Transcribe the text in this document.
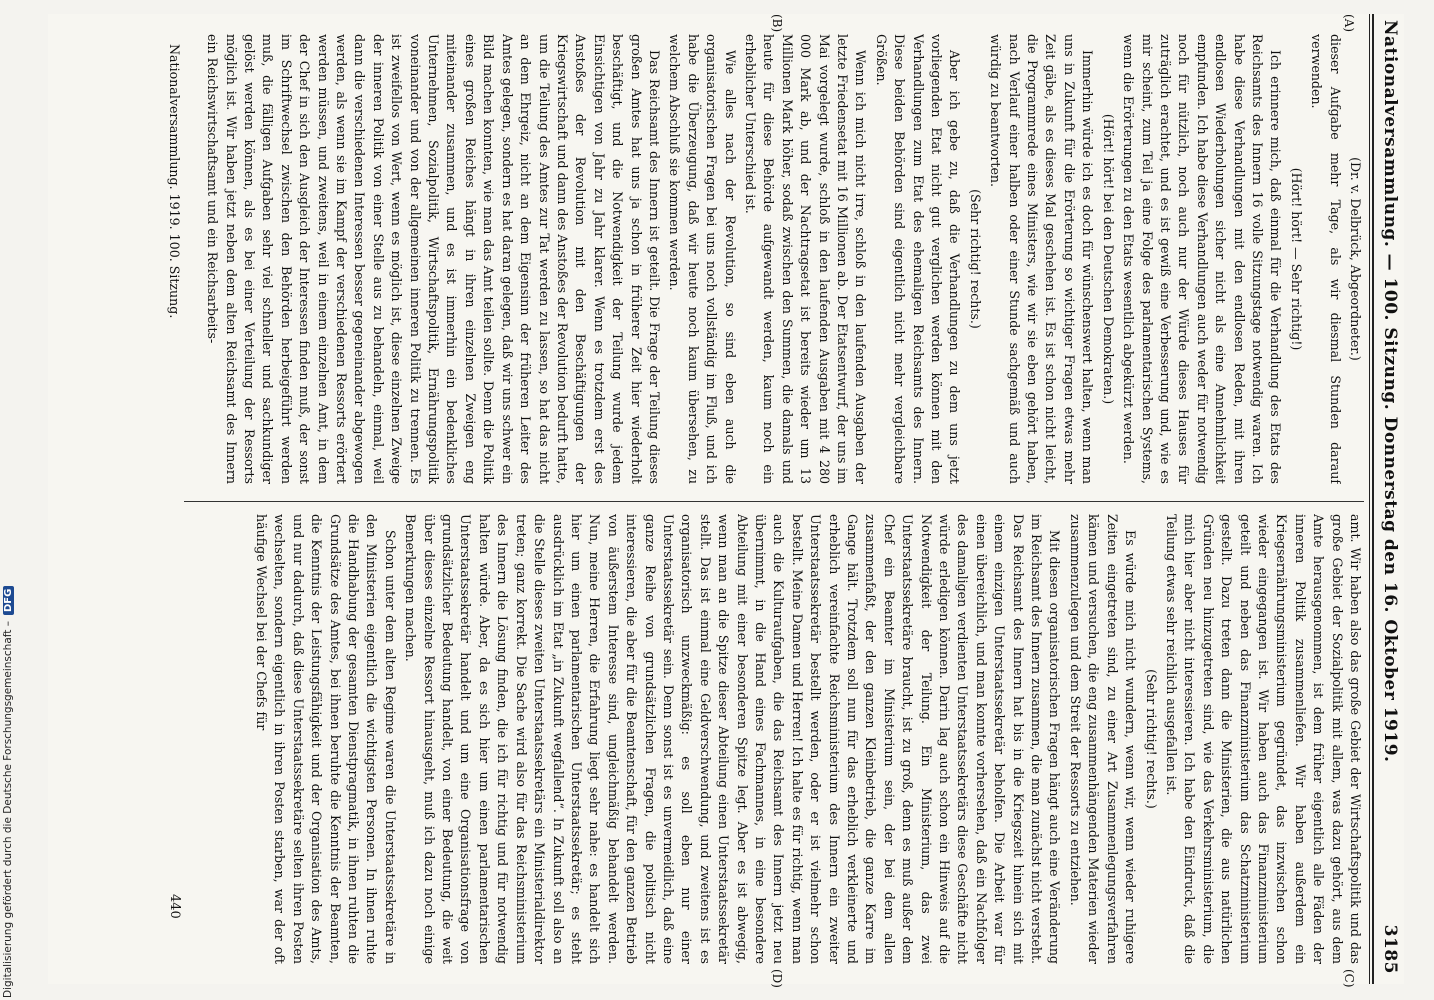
Nationalversammlung. — 100. Sitzung. Donnerstag den 16. Oktober 1919.
3185
(A)
(B)
(C)
(D)

(Dr. v. Delbrück, Abgeordneter.)

dieser Aufgabe mehr Tage, als wir diesmal Stunden darauf verwenden.

(Hört! hört! — Sehr richtig!)

Ich erinnere mich, daß einmal für die Verhandlung des Etats des Reichsamts des Innern 16 volle Sitzungstage notwendig waren. Ich habe diese Verhandlungen mit den endlosen Reden, mit ihren endlosen Wiederholungen sicher nicht als eine Annehmlichkeit empfunden. Ich habe diese Verhandlungen auch weder für notwendig noch für nützlich, noch auch nur der Würde dieses Hauses für zuträglich erachtet, und es ist gewiß eine Verbesserung und, wie es mir scheint, zum Teil ja eine Folge des parlamentarischen Systems, wenn die Erörterungen zu den Etats wesentlich abgekürzt werden.

(Hört! hört! bei den Deutschen Demokraten.)

Immerhin würde ich es doch für wünschenswert halten, wenn man uns in Zukunft für die Erörterung so wichtiger Fragen etwas mehr Zeit gäbe, als es dieses Mal geschehen ist. Es ist schon nicht leicht, die Programmrede eines Ministers, wie wir sie eben gehört haben, nach Verlauf einer halben oder einer Stunde sachgemäß und auch würdig zu beantworten.

(Sehr richtig! rechts.)

Aber ich gebe zu, daß die Verhandlungen zu dem uns jetzt vorliegenden Etat nicht gut verglichen werden können mit den Verhandlungen zum Etat des ehemaligen Reichsamts des Innern. Diese beiden Behörden sind eigentlich nicht mehr vergleichbare Größen.

Wenn ich mich nicht irre, schloß in den laufenden Ausgaben der letzte Friedensetat mit 16 Millionen ab. Der Etatsentwurf, der uns im Mai vorgelegt wurde, schloß in den laufenden Ausgaben mit 4 280 000 Mark ab, und der Nachtragsetat ist bereits wieder um 13 Millionen Mark höher, sodaß zwischen den Summen, die damals und heute für diese Behörde aufgewandt werden, kaum noch ein erheblicher Unterschied ist.

Wie alles nach der Revolution, so sind eben auch die organisatorischen Fragen bei uns noch vollständig im Fluß, und ich habe die Überzeugung, daß wir heute noch kaum übersehen, zu welchem Abschluß sie kommen werden.

Das Reichsamt des Innern ist geteilt. Die Frage der Teilung dieses großen Amtes hat uns ja schon in früherer Zeit hier wiederholt beschäftigt, und die Notwendigkeit der Teilung wurde jedem Einsichtigen von Jahr zu Jahr klarer. Wenn es trotzdem erst des Anstoßes der Revolution mit den Beschäftigungen der Kriegswirtschaft und dann des Anstoßes der Revolution bedurft hatte, um die Teilung des Amtes zur Tat werden zu lassen, so hat das nicht an dem Ehrgeiz, nicht an dem Eigensinn der früheren Leiter des Amtes gelegen, sondern es hat daran gelegen, daß wir uns schwer ein Bild machen konnten, wie man das Amt teilen sollte. Denn die Politik eines großen Reiches hängt in ihren einzelnen Zweigen eng miteinander zusammen, und es ist immerhin ein bedenkliches Unternehmen, Sozialpolitik, Wirtschaftspolitik, Ernährungspolitik voneinander und von der allgemeinen inneren Politik zu trennen. Es ist zweifellos von Wert, wenn es möglich ist, diese einzelnen Zweige der inneren Politik von einer Stelle aus zu behandeln, einmal, weil dann die verschiedenen Interessen besser gegeneinander abgewogen werden, als wenn sie im Kampf der verschiedenen Ressorts erörtert werden müssen, und zweitens, weil in einem einzelnen Amt, in dem der Chef in sich den Ausgleich der Interessen finden muß, der sonst im Schriftwechsel zwischen den Behörden herbeigeführt werden muß, die fälligen Aufgaben sehr viel schneller und sachkundiger gelöst werden können, als es bei einer Verteilung der Ressorts möglich ist. Wir haben jetzt neben dem alten Reichsamt des Innern ein Reichswirtschaftsamt und ein Reichsarbeits-

amt. Wir haben also das große Gebiet der Wirtschaftspolitik und das große Gebiet der Sozialpolitik mit allem, was dazu gehört, aus dem Amte herausgenommen, ist dem früher eigentlich alle Fäden der inneren Politik zusammenliefen. Wir haben außerdem ein Kriegsernährungsministerium gegründet, das inzwischen schon wieder eingegangen ist. Wir haben auch das Finanzministerium geteilt und neben das Finanzministerium das Schatzministerium gestellt. Dazu treten dann die Ministerien, die aus natürlichen Gründen neu hinzugetreten sind, wie das Verkehrsministerium, die mich hier aber nicht interessieren. Ich habe den Eindruck, daß die Teilung etwas sehr reichlich ausgefallen ist.

(Sehr richtig! rechts.)

Es würde mich nicht wundern, wenn wir, wenn wieder ruhigere Zeiten eingetreten sind, zu einer Art Zusammenlegungsverfahren kämen und versuchen, die eng zusammenhängenden Materien wieder zusammenzulegen und dem Streit der Ressorts zu entziehen.

Mit diesen organisatorischen Fragen hängt auch eine Veränderung im Reichsamt des Innern zusammen, die man zunächst nicht versteht. Das Reichsamt des Innern hat bis in die Kriegszeit hinein sich mit einem einzigen Unterstaatssekretär beholfen. Die Arbeit war für einen übereichlich, und man konnte vorhersehen, daß ein Nachfolger des damaligen verdienten Unterstaatssekretärs diese Geschäfte nicht würde erledigen können. Darin lag auch schon ein Hinweis auf die Notwendigkeit der Teilung. Ein Ministerium, das zwei Unterstaatssekretäre braucht, ist zu groß, denn es muß außer dem Chef ein Beamter im Ministerium sein, der bei dem allen zusammenfaßt, der den ganzen Kleinbetrieb, die ganze Karre im Gange hält. Trotzdem soll nun für das erheblich verkleinerte und erheblich vereinfachte Reichsministerium des Innern ein zweiter Unterstaatssekretär bestellt werden, oder er ist vielmehr schon bestellt. Meine Damen und Herren! Ich halte es für richtig, wenn man auch die Kulturaufgaben, die das Reichsamt des Innern jetzt neu übernimmt, in die Hand eines Fachmannes, in eine besondere Abteilung mit einer besonderen Spitze legt. Aber es ist abwegig, wenn man an die Spitze dieser Abteilung einen Unterstaatssekretär stellt. Das ist einmal eine Geldverschwendung, und zweitens ist es organisatorisch unzweckmäßig: es soll eben nur einer Unterstaatssekretär sein. Denn sonst ist es unvermeidlich, daß eine ganze Reihe von grundsätzlichen Fragen, die politisch nicht interessieren, die aber für die Beamtenschaft, für den ganzen Betrieb von äußerstem Interesse sind, ungleichmäßig behandelt werden. Nun, meine Herren, die Erfahrung liegt sehr nahe: es handelt sich hier um einen parlamentarischen Unterstaatssekretär; es steht ausdrücklich im Etat „in Zukunft wegfallend“. In Zukunft soll also an die Stelle dieses zweiten Unterstaatssekretärs ein Ministerialdirektor treten; ganz korrekt. Die Sache wird also für das Reichsministerium des Innern die Lösung finden, die ich für richtig und für notwendig halten würde. Aber, da es sich hier um einen parlamentarischen Unterstaatssekretär handelt und um eine Organisationsfrage von grundsätzlicher Bedeutung handelt, von einer Bedeutung, die weit über dieses einzelne Ressort hinausgeht, muß ich dazu noch einige Bemerkungen machen.

Schon unter dem alten Regime waren die Unterstaatssekretäre in den Ministerien eigentlich die wichtigsten Personen. In ihnen ruhte die Handhabung der gesamten Dienstpragmatik, in ihnen ruhten die Grundsätze des Amtes, bei ihnen beruhte die Kenntnis der Beamten, die Kenntnis der Leistungsfähigkeit und der Organisation des Amts, und nur dadurch, daß diese Unterstaatssekretäre selten ihren Posten wechselten, sondern eigentlich in ihren Posten starben, war der oft häufige Wechsel bei der Chefs für

Nationalversammlung. 1919. 100. Sitzung.
440
Digitalisierung gefördert durch die Deutsche Forschungsgemeinschaft –
DFG
